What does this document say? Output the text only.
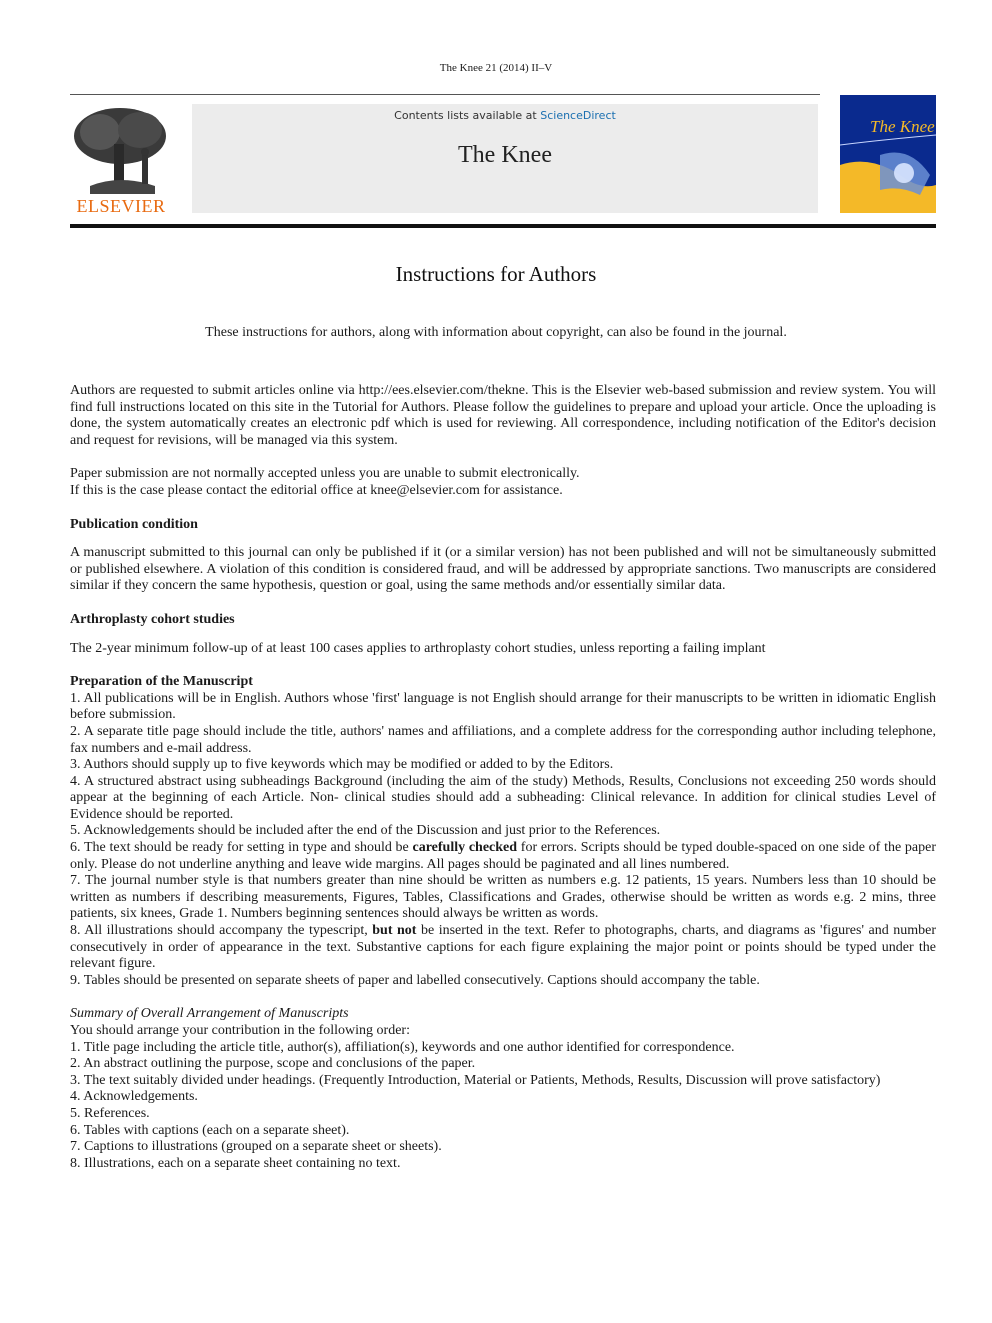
The Knee 21 (2014) II–V
ELSEVIER
Contents lists available at ScienceDirect
The Knee
The Knee
Instructions for Authors
These instructions for authors, along with information about copyright, can also be found in the journal.

Authors are requested to submit articles online via http://ees.elsevier.com/thekne. This is the Elsevier web-based submission and review system. You will find full instructions located on this site in the Tutorial for Authors. Please follow the guidelines to prepare and upload your article. Once the uploading is done, the system automatically creates an electronic pdf which is used for reviewing. All correspondence, including notification of the Editor's decision and request for revisions, will be managed via this system.

Paper submission are not normally accepted unless you are unable to submit electronically.

If this is the case please contact the editorial office at knee@elsevier.com for assistance.

Publication condition

A manuscript submitted to this journal can only be published if it (or a similar version) has not been published and will not be simultaneously submitted or published elsewhere. A violation of this condition is considered fraud, and will be addressed by appropriate sanctions. Two manuscripts are considered similar if they concern the same hypothesis, question or goal, using the same methods and/or essentially similar data.

Arthroplasty cohort studies

The 2-year minimum follow-up of at least 100 cases applies to arthroplasty cohort studies, unless reporting a failing implant

Preparation of the Manuscript

1. All publications will be in English. Authors whose 'first' language is not English should arrange for their manuscripts to be written in idiomatic English before submission.

2. A separate title page should include the title, authors' names and affiliations, and a complete address for the corresponding author including telephone, fax numbers and e-mail address.

3. Authors should supply up to five keywords which may be modified or added to by the Editors.

4. A structured abstract using subheadings Background (including the aim of the study) Methods, Results, Conclusions not exceeding 250 words should appear at the beginning of each Article. Non- clinical studies should add a subheading: Clinical relevance. In addition for clinical studies Level of Evidence should be reported.

5. Acknowledgements should be included after the end of the Discussion and just prior to the References.

6. The text should be ready for setting in type and should be carefully checked for errors. Scripts should be typed double-spaced on one side of the paper only. Please do not underline anything and leave wide margins. All pages should be paginated and all lines numbered.

7. The journal number style is that numbers greater than nine should be written as numbers e.g. 12 patients, 15 years. Numbers less than 10 should be written as numbers if describing measurements, Figures, Tables, Classifications and Grades, otherwise should be written as words e.g. 2 mins, three patients, six knees, Grade 1. Numbers beginning sentences should always be written as words.

8. All illustrations should accompany the typescript, but not be inserted in the text. Refer to photographs, charts, and diagrams as 'figures' and number consecutively in order of appearance in the text. Substantive captions for each figure explaining the major point or points should be typed under the relevant figure.

9. Tables should be presented on separate sheets of paper and labelled consecutively. Captions should accompany the table.

Summary of Overall Arrangement of Manuscripts

You should arrange your contribution in the following order:

1. Title page including the article title, author(s), affiliation(s), keywords and one author identified for correspondence.

2. An abstract outlining the purpose, scope and conclusions of the paper.

3. The text suitably divided under headings. (Frequently Introduction, Material or Patients, Methods, Results, Discussion will prove satisfactory)

4. Acknowledgements.

5. References.

6. Tables with captions (each on a separate sheet).

7. Captions to illustrations (grouped on a separate sheet or sheets).

8. Illustrations, each on a separate sheet containing no text.
